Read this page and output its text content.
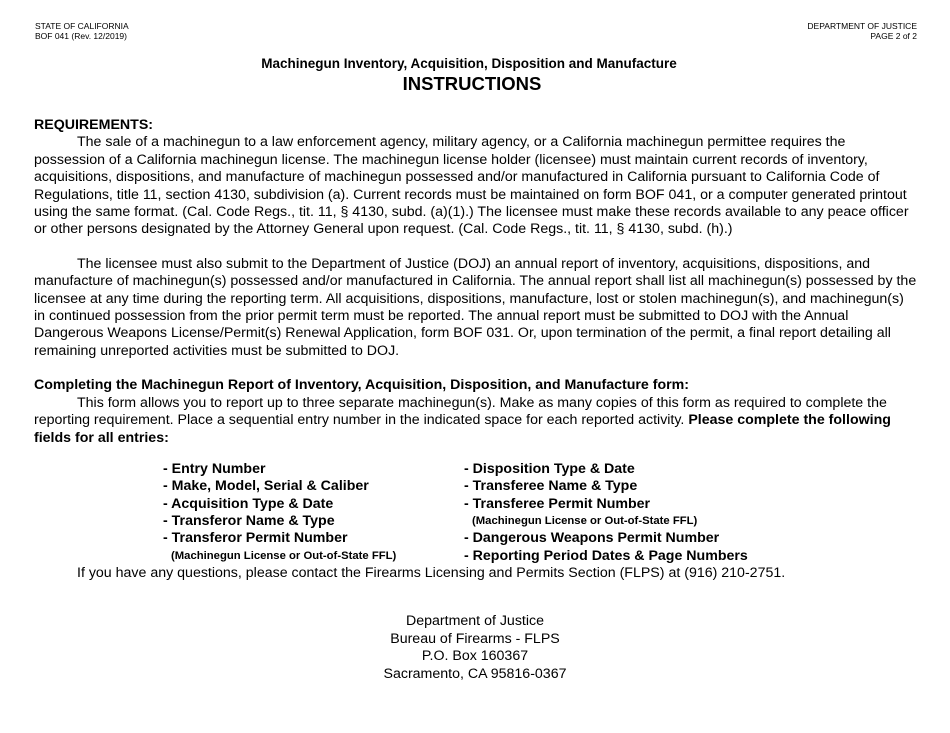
STATE OF CALIFORNIA
BOF 041 (Rev. 12/2019)
DEPARTMENT OF JUSTICE
PAGE 2 of 2
Machinegun Inventory, Acquisition, Disposition and Manufacture
INSTRUCTIONS

REQUIREMENTS:

The sale of a machinegun to a law enforcement agency, military agency, or a California machinegun permittee requires the possession of a California machinegun license. The machinegun license holder (licensee) must maintain current records of inventory, acquisitions, dispositions, and manufacture of machinegun possessed and/or manufactured in California pursuant to California Code of Regulations, title 11, section 4130, subdivision (a). Current records must be maintained on form BOF 041, or a computer generated printout using the same format. (Cal. Code Regs., tit. 11, § 4130, subd. (a)(1).) The licensee must make these records available to any peace officer or other persons designated by the Attorney General upon request. (Cal. Code Regs., tit. 11, § 4130, subd. (h).)

The licensee must also submit to the Department of Justice (DOJ) an annual report of inventory, acquisitions, dispositions, and manufacture of machinegun(s) possessed and/or manufactured in California. The annual report shall list all machinegun(s) possessed by the licensee at any time during the reporting term. All acquisitions, dispositions, manufacture, lost or stolen machinegun(s), and machinegun(s) in continued possession from the prior permit term must be reported. The annual report must be submitted to DOJ with the Annual Dangerous Weapons License/Permit(s) Renewal Application, form BOF 031. Or, upon termination of the permit, a final report detailing all remaining unreported activities must be submitted to DOJ.

Completing the Machinegun Report of Inventory, Acquisition, Disposition, and Manufacture form:

This form allows you to report up to three separate machinegun(s). Make as many copies of this form as required to complete the reporting requirement. Place a sequential entry number in the indicated space for each reported activity. Please complete the following fields for all entries:

- Entry Number
- Make, Model, Serial & Caliber
- Acquisition Type & Date
- Transferor Name & Type
- Transferor Permit Number
(Machinegun License or Out-of-State FFL)
- Disposition Type & Date
- Transferee Name & Type
- Transferee Permit Number
(Machinegun License or Out-of-State FFL)
- Dangerous Weapons Permit Number
- Reporting Period Dates & Page Numbers

If you have any questions, please contact the Firearms Licensing and Permits Section (FLPS) at (916) 210-2751.

Department of Justice
Bureau of Firearms - FLPS
P.O. Box 160367
Sacramento, CA 95816-0367
